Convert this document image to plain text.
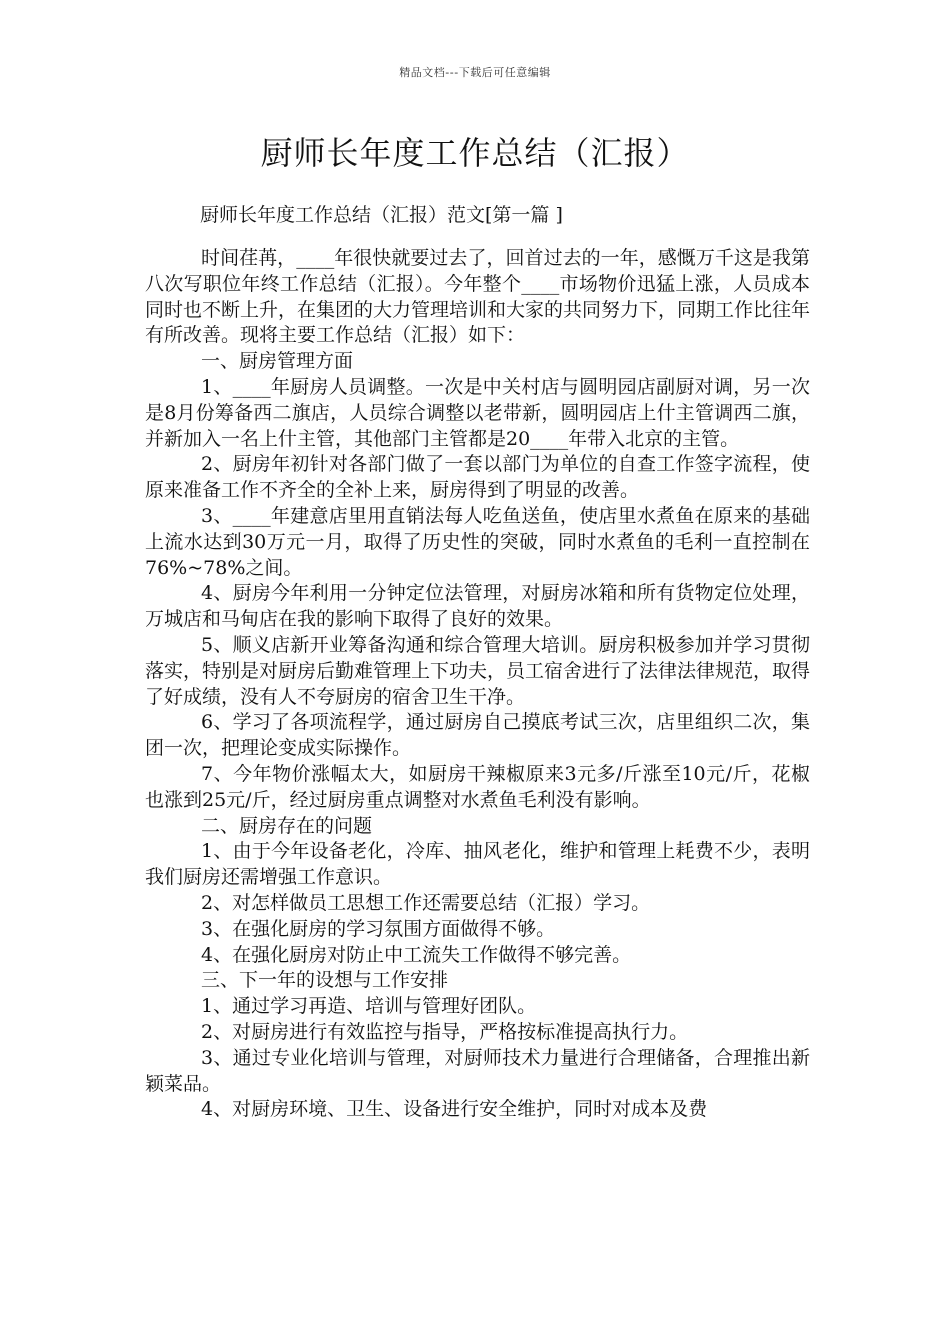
精品文档---下载后可任意编辑
厨师长年度工作总结（汇报）
厨师长年度工作总结（汇报）范文[第一篇 ]

时间荏苒，____年很快就要过去了，回首过去的一年，感慨万千这是我第八次写职位年终工作总结（汇报）。今年整个____市场物价迅猛上涨，人员成本同时也不断上升，在集团的大力管理培训和大家的共同努力下，同期工作比往年有所改善。现将主要工作总结（汇报）如下：

一、厨房管理方面

1、____年厨房人员调整。一次是中关村店与圆明园店副厨对调，另一次是8月份筹备西二旗店，人员综合调整以老带新，圆明园店上什主管调西二旗，并新加入一名上什主管，其他部门主管都是20____年带入北京的主管。

2、厨房年初针对各部门做了一套以部门为单位的自查工作签字流程，使原来准备工作不齐全的全补上来，厨房得到了明显的改善。

3、____年建意店里用直销法每人吃鱼送鱼，使店里水煮鱼在原来的基础上流水达到30万元一月，取得了历史性的突破，同时水煮鱼的毛利一直控制在76%~78%之间。

4、厨房今年利用一分钟定位法管理，对厨房冰箱和所有货物定位处理，万城店和马甸店在我的影响下取得了良好的效果。

5、顺义店新开业筹备沟通和综合管理大培训。厨房积极参加并学习贯彻落实，特别是对厨房后勤难管理上下功夫，员工宿舍进行了法律法律规范，取得了好成绩，没有人不夸厨房的宿舍卫生干净。

6、学习了各项流程学，通过厨房自己摸底考试三次，店里组织二次，集团一次，把理论变成实际操作。

7、今年物价涨幅太大，如厨房干辣椒原来3元多/斤涨至10元/斤，花椒也涨到25元/斤，经过厨房重点调整对水煮鱼毛利没有影响。

二、厨房存在的问题

1、由于今年设备老化，冷库、抽风老化，维护和管理上耗费不少，表明我们厨房还需增强工作意识。

2、对怎样做员工思想工作还需要总结（汇报）学习。

3、在强化厨房的学习氛围方面做得不够。

4、在强化厨房对防止中工流失工作做得不够完善。

三、下一年的设想与工作安排

1、通过学习再造、培训与管理好团队。

2、对厨房进行有效监控与指导，严格按标准提高执行力。

3、通过专业化培训与管理，对厨师技术力量进行合理储备，合理推出新颖菜品。

4、对厨房环境、卫生、设备进行安全维护，同时对成本及费
